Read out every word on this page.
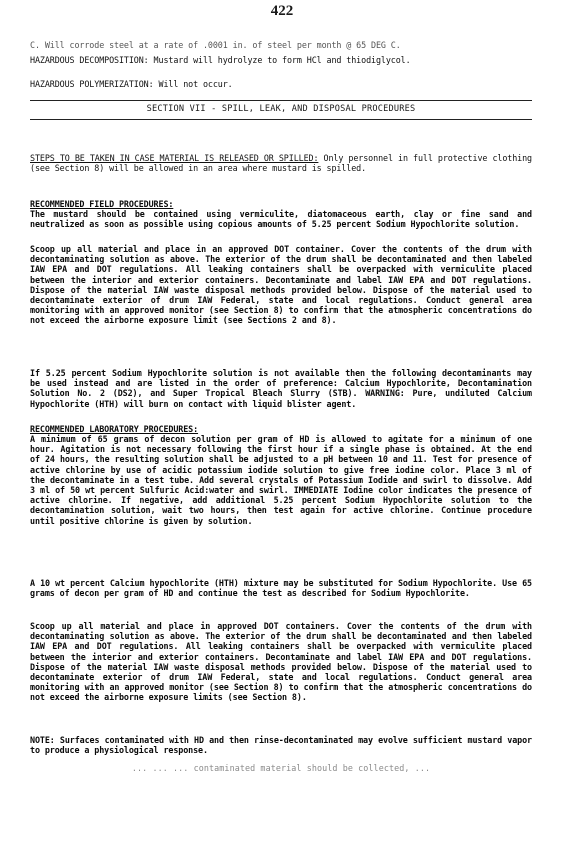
422
C. Will corrode steel at a rate of .0001 in. of steel per month @ 65 DEG C.
HAZARDOUS DECOMPOSITION: Mustard will hydrolyze to form HCl and thiodiglycol.
HAZARDOUS POLYMERIZATION: Will not occur.
SECTION VII - SPILL, LEAK, AND DISPOSAL PROCEDURES
STEPS TO BE TAKEN IN CASE MATERIAL IS RELEASED OR SPILLED: Only personnel in full protective clothing (see Section 8) will be allowed in an area where mustard is spilled.
RECOMMENDED FIELD PROCEDURES:
The mustard should be contained using vermiculite, diatomaceous earth, clay or fine sand and neutralized as soon as possible using copious amounts of 5.25 percent Sodium Hypochlorite solution.
Scoop up all material and place in an approved DOT container. Cover the contents of the drum with decontaminating solution as above. The exterior of the drum shall be decontaminated and then labeled IAW EPA and DOT regulations. All leaking containers shall be overpacked with vermiculite placed between the interior and exterior containers. Decontaminate and label IAW EPA and DOT regulations. Dispose of the material IAW waste disposal methods provided below. Dispose of the material used to decontaminate exterior of drum IAW Federal, state and local regulations. Conduct general area monitoring with an approved monitor (see Section 8) to confirm that the atmospheric concentrations do not exceed the airborne exposure limit (see Sections 2 and 8).
If 5.25 percent Sodium Hypochlorite solution is not available then the following decontaminants may be used instead and are listed in the order of preference: Calcium Hypochlorite, Decontamination Solution No. 2 (DS2), and Super Tropical Bleach Slurry (STB). WARNING: Pure, undiluted Calcium Hypochlorite (HTH) will burn on contact with liquid blister agent.
RECOMMENDED LABORATORY PROCEDURES:
A minimum of 65 grams of decon solution per gram of HD is allowed to agitate for a minimum of one hour. Agitation is not necessary following the first hour if a single phase is obtained. At the end of 24 hours, the resulting solution shall be adjusted to a pH between 10 and 11. Test for presence of active chlorine by use of acidic potassium iodide solution to give free iodine color. Place 3 ml of the decontaminate in a test tube. Add several crystals of Potassium Iodide and swirl to dissolve. Add 3 ml of 50 wt percent Sulfuric Acid:water and swirl. IMMEDIATE Iodine color indicates the presence of active chlorine. If negative, add additional 5.25 percent Sodium Hypochlorite solution to the decontamination solution, wait two hours, then test again for active chlorine. Continue procedure until positive chlorine is given by solution.
A 10 wt percent Calcium hypochlorite (HTH) mixture may be substituted for Sodium Hypochlorite. Use 65 grams of decon per gram of HD and continue the test as described for Sodium Hypochlorite.
Scoop up all material and place in approved DOT containers. Cover the contents of the drum with decontaminating solution as above. The exterior of the drum shall be decontaminated and then labeled IAW EPA and DOT regulations. All leaking containers shall be overpacked with vermiculite placed between the interior and exterior containers. Decontaminate and label IAW EPA and DOT regulations. Dispose of the material IAW waste disposal methods provided below. Dispose of the material used to decontaminate exterior of drum IAW Federal, state and local regulations. Conduct general area monitoring with an approved monitor (see Section 8) to confirm that the atmospheric concentrations do not exceed the airborne exposure limits (see Section 8).
NOTE: Surfaces contaminated with HD and then rinse-decontaminated may evolve sufficient mustard vapor to produce a physiological response.
... ... ... contaminated material should be collected, ...
